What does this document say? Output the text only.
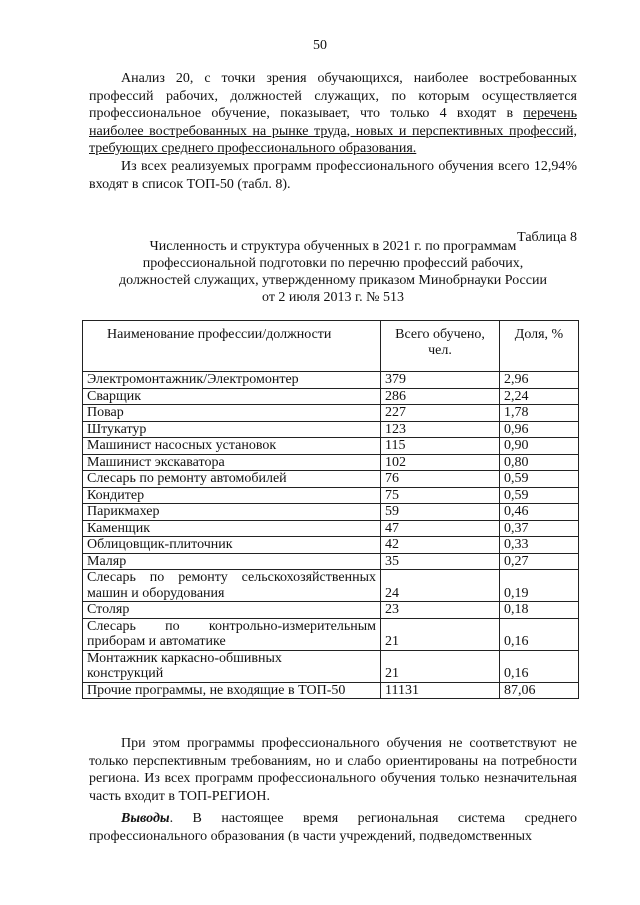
50
Анализ 20, с точки зрения обучающихся, наиболее востребованных профессий рабочих, должностей служащих, по которым осуществляется профессиональное обучение, показывает, что только 4 входят в перечень наиболее востребованных на рынке труда, новых и перспективных профессий, требующих среднего профессионального образования.
Из всех реализуемых программ профессионального обучения всего 12,94% входят в список ТОП-50 (табл. 8).
Таблица 8
Численность и структура обученных в 2021 г. по программам
профессиональной подготовки по перечню профессий рабочих,
должностей служащих, утвержденному приказом Минобрнауки России
от 2 июля 2013 г. № 513
Наименование профессии/должности	Всего обучено, чел.	Доля, %
Электромонтажник/Электромонтер	379	2,96
Сварщик	286	2,24
Повар	227	1,78
Штукатур	123	0,96
Машинист насосных установок	115	0,90
Машинист экскаватора	102	0,80
Слесарь по ремонту автомобилей	76	0,59
Кондитер	75	0,59
Парикмахер	59	0,46
Каменщик	47	0,37
Облицовщик-плиточник	42	0,33
Маляр	35	0,27

Слесарь по ремонту сельскохозяйственных
машин и оборудования	24	0,19
Столяр	23	0,18

Слесарь по контрольно-измерительным
приборам и автоматике	21	0,16

Монтажник каркасно-обшивных
конструкций	21	0,16
Прочие программы, не входящие в ТОП-50	11131	87,06
При этом программы профессионального обучения не соответствуют не только перспективным требованиям, но и слабо ориентированы на потребности региона. Из всех программ профессионального обучения только незначительная часть входит в ТОП-РЕГИОН.
Выводы. В настоящее время региональная система среднего профессионального образования (в части учреждений, подведомственных
